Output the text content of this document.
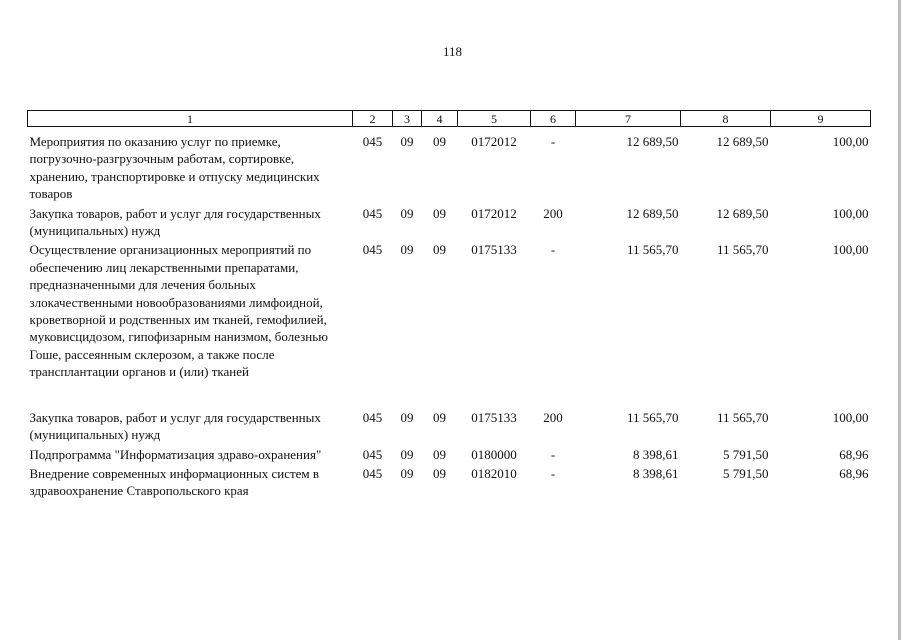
118
1	2	3	4	5	6	7	8	9
Мероприятия по оказанию услуг по приемке, погрузочно-разгрузочным работам, сортировке, хранению, транспортировке и отпуску медицинских товаров	045	09	09	0172012	-	12 689,50	12 689,50	100,00
Закупка товаров, работ и услуг для государственных (муниципальных) нужд	045	09	09	0172012	200	12 689,50	12 689,50	100,00
Осуществление организационных мероприятий по обеспечению лиц лекарственными препаратами, предназначенными для лечения больных злокачественными новообразованиями лимфоидной, кроветворной и родственных им тканей, гемофилией, муковисцидозом, гипофизарным нанизмом, болезнью Гоше, рассеянным склерозом, а также после трансплантации органов и (или) тканей	045	09	09	0175133	-	11 565,70	11 565,70	100,00
Закупка товаров, работ и услуг для государственных (муниципальных) нужд	045	09	09	0175133	200	11 565,70	11 565,70	100,00
Подпрограмма "Информатизация здраво-охранения"	045	09	09	0180000	-	8 398,61	5 791,50	68,96
Внедрение современных информационных систем в здравоохранение Ставропольского края	045	09	09	0182010	-	8 398,61	5 791,50	68,96
